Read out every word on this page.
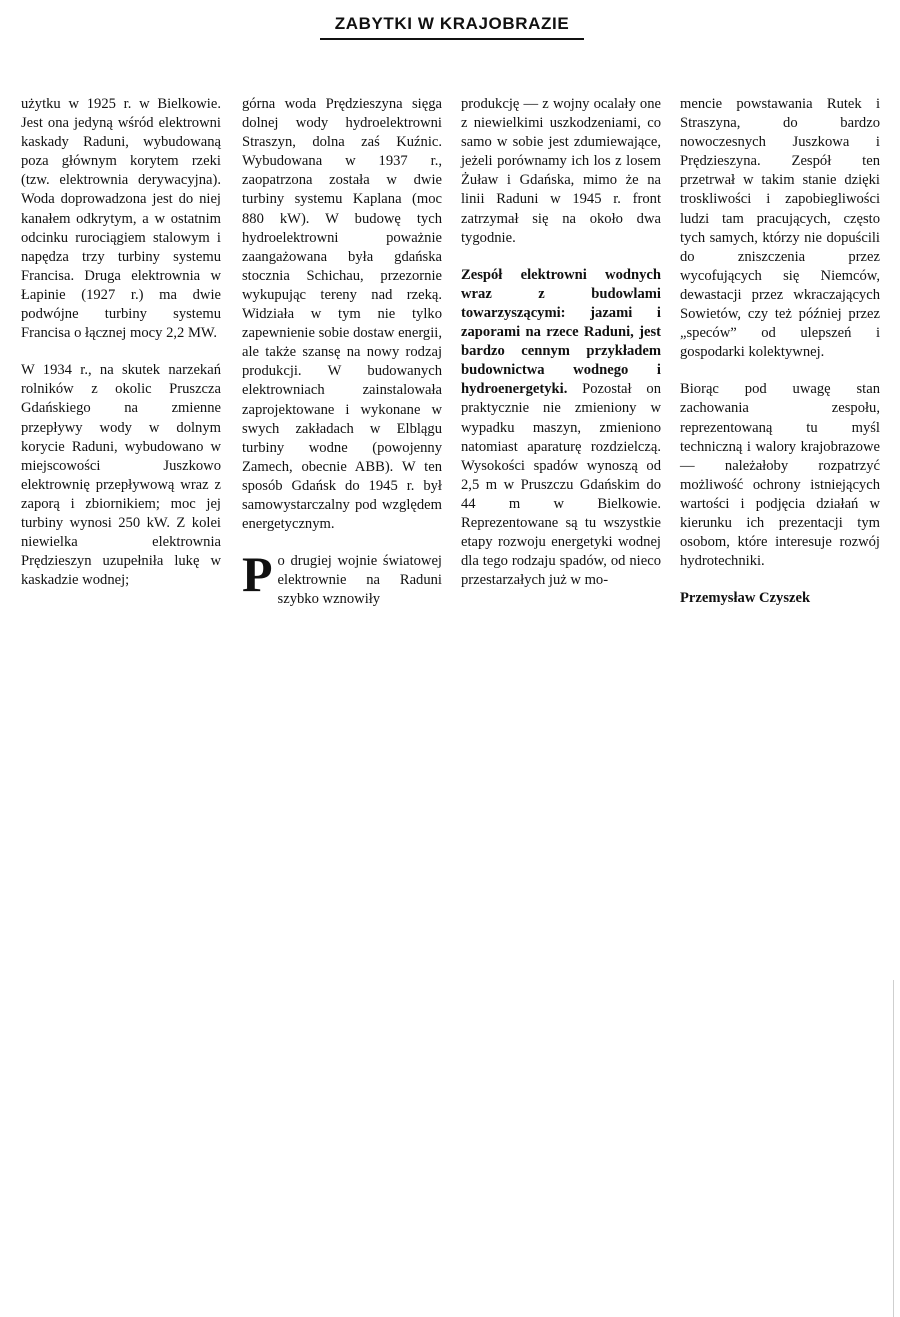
ZABYTKI W KRAJOBRAZIE

użytku w 1925 r. w Bielkowie. Jest ona jedyną wśród elektrowni kaskady Raduni, wybudowaną poza głównym korytem rzeki (tzw. elektrownia derywacyjna). Woda doprowadzona jest do niej kanałem odkrytym, a w ostatnim odcinku rurociągiem stalowym i napędza trzy turbiny systemu Francisa. Druga elektrownia w Łapinie (1927 r.) ma dwie podwójne turbiny systemu Francisa o łącznej mocy 2,2 MW.

W 1934 r., na skutek narzekań rolników z okolic Pruszcza Gdańskiego na zmienne przepływy wody w dolnym korycie Raduni, wybudowano w miejscowości Juszkowo elektrownię przepływową wraz z zaporą i zbiornikiem; moc jej turbiny wynosi 250 kW. Z kolei niewielka elektrownia Prędzieszyn uzupełniła lukę w kaskadzie wodnej;

górna woda Prędzieszyna sięga dolnej wody hydroelektrowni Straszyn, dolna zaś Kuźnic. Wybudowana w 1937 r., zaopatrzona została w dwie turbiny systemu Kaplana (moc 880 kW). W budowę tych hydroelektrowni poważnie zaangażowana była gdańska stocznia Schichau, przezornie wykupując tereny nad rzeką. Widziała w tym nie tylko zapewnienie sobie dostaw energii, ale także szansę na nowy rodzaj produkcji. W budowanych elektrowniach zainstalowała zaprojektowane i wykonane w swych zakładach w Elblągu turbiny wodne (powojenny Zamech, obecnie ABB). W ten sposób Gdańsk do 1945 r. był samowystarczalny pod względem energetycznym.

Po drugiej wojnie światowej elektrownie na Raduni szybko wznowiły

produkcję — z wojny ocalały one z niewielkimi uszkodzeniami, co samo w sobie jest zdumiewające, jeżeli porównamy ich los z losem Żuław i Gdańska, mimo że na linii Raduni w 1945 r. front zatrzymał się na około dwa tygodnie.

Zespół elektrowni wodnych wraz z budowlami towarzyszącymi: jazami i zaporami na rzece Raduni, jest bardzo cennym przykładem budownictwa wodnego i hydroenergetyki. Pozostał on praktycznie nie zmieniony w wypadku maszyn, zmieniono natomiast aparaturę rozdzielczą. Wysokości spadów wynoszą od 2,5 m w Pruszczu Gdańskim do 44 m w Bielkowie. Reprezentowane są tu wszystkie etapy rozwoju energetyki wodnej dla tego rodzaju spadów, od nieco przestarzałych już w mo-

mencie powstawania Rutek i Straszyna, do bardzo nowoczesnych Juszkowa i Prędzieszyna. Zespół ten przetrwał w takim stanie dzięki troskliwości i zapobiegliwości ludzi tam pracujących, często tych samych, którzy nie dopuścili do zniszczenia przez wycofujących się Niemców, dewastacji przez wkraczających Sowietów, czy też później przez „speców” od ulepszeń i gospodarki kolektywnej.

Biorąc pod uwagę stan zachowania zespołu, reprezentowaną tu myśl techniczną i walory krajobrazowe — należałoby rozpatrzyć możliwość ochrony istniejących wartości i podjęcia działań w kierunku ich prezentacji tym osobom, które interesuje rozwój hydrotechniki.

Przemysław Czyszek
